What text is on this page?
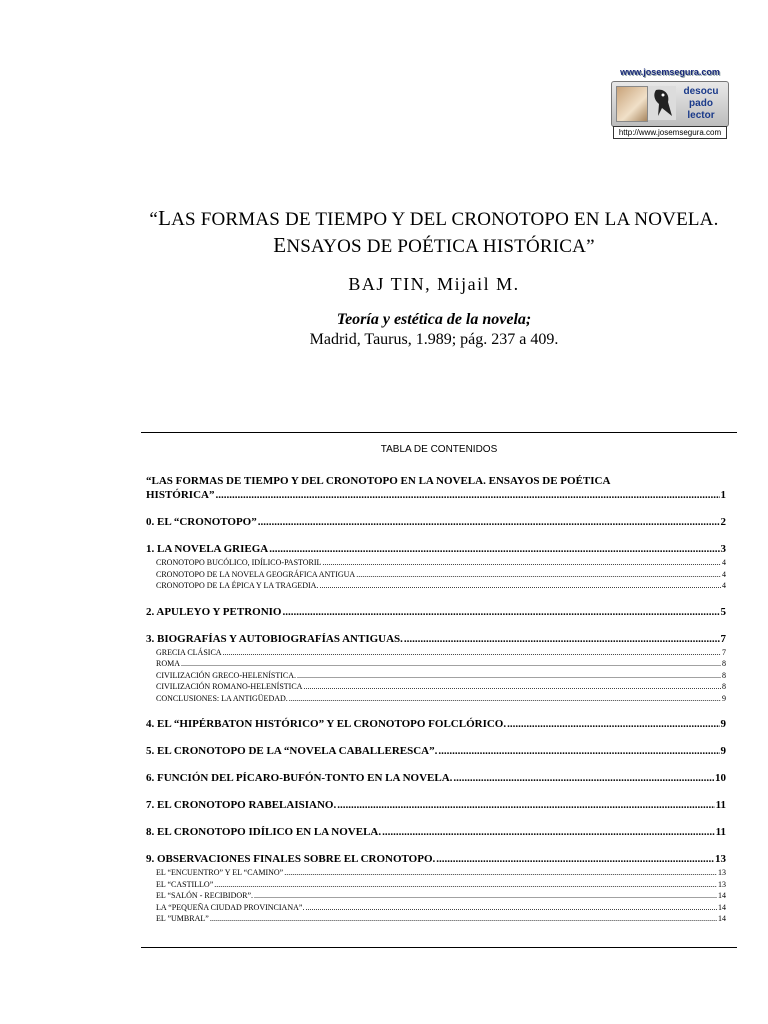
www.josemsegura.com
desocu
pado
lector
http://www.josemsegura.com
“LAS FORMAS DE TIEMPO Y DEL CRONOTOPO EN LA NOVELA.
ENSAYOS DE POÉTICA HISTÓRICA”
BAJ TIN, Mijail M.
Teoría y estética de la novela;
Madrid, Taurus, 1.989; pág. 237 a 409.
TABLA DE CONTENIDOS
“LAS FORMAS DE TIEMPO Y DEL CRONOTOPO EN LA NOVELA. ENSAYOS DE POÉTICA
HISTÓRICA” .....	1
0. EL “CRONOTOPO” .....	2
1. LA NOVELA GRIEGA .....	3
CRONOTOPO BUCÓLICO, IDÍLICO-PASTORIL .....	4
CRONOTOPO DE LA NOVELA GEOGRÁFICA ANTIGUA .....	4
CRONOTOPO DE LA ÉPICA Y LA TRAGEDIA. .....	4
2. APULEYO Y PETRONIO .....	5
3. BIOGRAFÍAS Y AUTOBIOGRAFÍAS ANTIGUAS. .....	7
GRECIA CLÁSICA .....	7
ROMA .....	8
CIVILIZACIÓN GRECO-HELENÍSTICA. .....	8
CIVILIZACIÓN ROMANO-HELENÍSTICA .....	8
CONCLUSIONES: LA ANTIGÜEDAD. .....	9
4. EL “HIPÉRBATON HISTÓRICO” Y EL CRONOTOPO FOLCLÓRICO. .....	9
5. EL CRONOTOPO DE LA “NOVELA CABALLERESCA”. .....	9
6. FUNCIÓN DEL PÍCARO-BUFÓN-TONTO EN LA NOVELA. .....	10
7. EL CRONOTOPO RABELAISIANO. .....	11
8. EL CRONOTOPO IDÍLICO EN LA NOVELA. .....	11
9. OBSERVACIONES FINALES SOBRE EL CRONOTOPO. .....	13
EL “ENCUENTRO” Y EL “CAMINO” .....	13
EL “CASTILLO” .....	13
EL “SALÓN - RECIBIDOR”. .....	14
LA “PEQUEÑA CIUDAD PROVINCIANA”. .....	14
EL ”UMBRAL” .....	14
